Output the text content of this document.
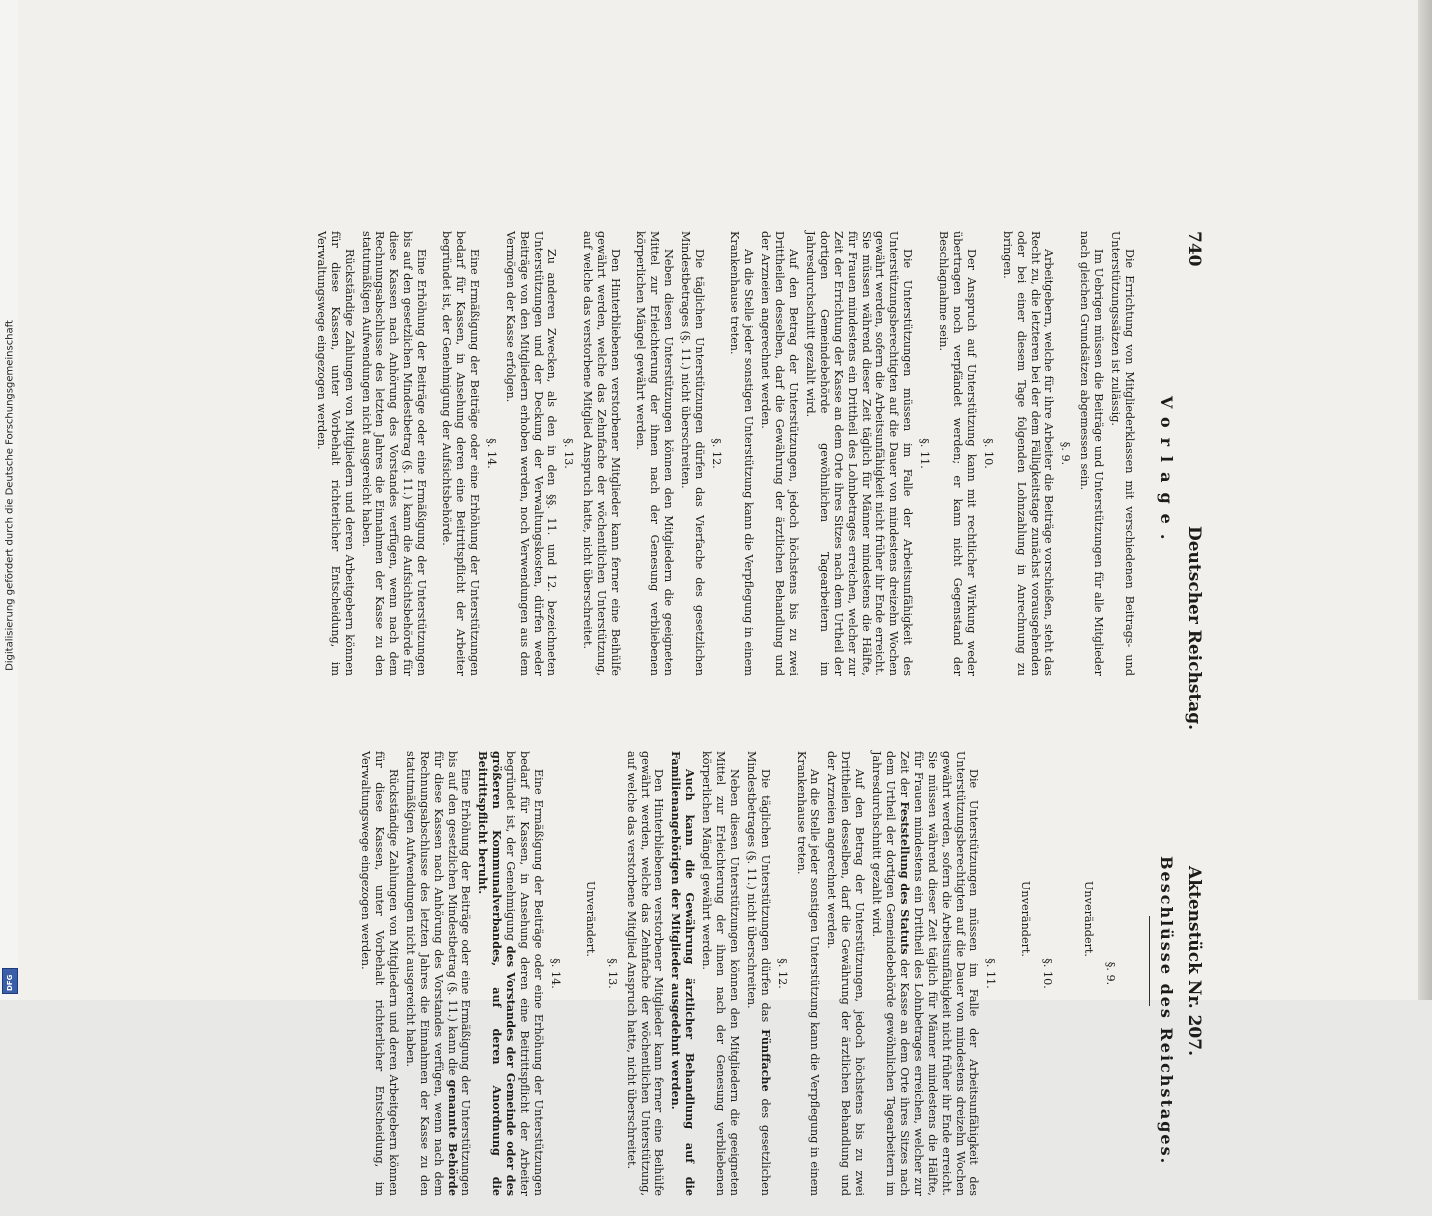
740
Deutscher Reichstag.
Aktenstück Nr. 207.
Vorlage.
Beschlüsse des Reichstages.

Die Errichtung von Mitgliederklassen mit verschiedenen Beitrags- und Unterstützungssätzen ist zulässig.

Im Uebrigen müssen die Beiträge und Unterstützungen für alle Mitglieder nach gleichen Grundsätzen abgemessen sein.

§. 9.

Arbeitgebern, welche für ihre Arbeiter die Beiträge vorschießen, steht das Recht zu, die letzteren bei der dem Fälligkeitstage zunächst vorausgehenden oder bei einer diesem Tage folgenden Lohnzahlung in Anrechnung zu bringen.

§. 10.

Der Anspruch auf Unterstützung kann mit rechtlicher Wirkung weder übertragen noch verpfändet werden; er kann nicht Gegenstand der Beschlagnahme sein.

§. 11.

Die Unterstützungen müssen im Falle der Arbeitsunfähigkeit des Unterstützungsberechtigten auf die Dauer von mindestens dreizehn Wochen gewährt werden, sofern die Arbeitsunfähigkeit nicht früher ihr Ende erreicht. Sie müssen während dieser Zeit täglich für Männer mindestens die Hälfte, für Frauen mindestens ein Drittheil des Lohnbetrages erreichen, welcher zur Zeit der Errichtung der Kasse an dem Orte ihres Sitzes nach dem Urtheil der dortigen Gemeindebehörde gewöhnlichen Tagearbeitern im Jahresdurchschnitt gezahlt wird.

Auf den Betrag der Unterstützungen, jedoch höchstens bis zu zwei Drittheilen desselben, darf die Gewährung der ärztlichen Behandlung und der Arzneien angerechnet werden.

An die Stelle jeder sonstigen Unterstützung kann die Verpflegung in einem Krankenhause treten.

§. 12.

Die täglichen Unterstützungen dürfen das Vierfache des gesetzlichen Mindestbetrages (§. 11.) nicht überschreiten.

Neben diesen Unterstützungen können den Mitgliedern die geeigneten Mittel zur Erleichterung der ihnen nach der Genesung verbliebenen körperlichen Mängel gewährt werden.

Den Hinterbliebenen verstorbener Mitglieder kann ferner eine Beihülfe gewährt werden, welche das Zehnfache der wöchentlichen Unterstützung, auf welche das verstorbene Mitglied Anspruch hatte, nicht überschreitet.

§. 13.

Zu anderen Zwecken, als den in den §§. 11. und 12. bezeichneten Unterstützungen und der Deckung der Verwaltungskosten, dürfen weder Beiträge von den Mitgliedern erhoben werden, noch Verwendungen aus dem Vermögen der Kasse erfolgen.

§. 14.

Eine Ermäßigung der Beiträge oder eine Erhöhung der Unterstützungen bedarf für Kassen, in Ansehung deren eine Beitrittspflicht der Arbeiter begründet ist, der Genehmigung der Aufsichtsbehörde.

Eine Erhöhung der Beiträge oder eine Ermäßigung der Unterstützungen bis auf den gesetzlichen Mindestbetrag (§. 11.) kann die Aufsichtsbehörde für diese Kassen nach Anhörung des Vorstandes verfügen, wenn nach dem Rechnungsabschlusse des letzten Jahres die Einnahmen der Kasse zu den statutmäßigen Aufwendungen nicht ausgereicht haben.

Rückständige Zahlungen von Mitgliedern und deren Arbeitgebern können für diese Kassen, unter Vorbehalt richterlicher Entscheidung, im Verwaltungswege eingezogen werden.

§. 9.
Unverändert.
§. 10.
Unverändert.
§. 11.

Die Unterstützungen müssen im Falle der Arbeitsunfähigkeit des Unterstützungsberechtigten auf die Dauer von mindestens dreizehn Wochen gewährt werden, sofern die Arbeitsunfähigkeit nicht früher ihr Ende erreicht. Sie müssen während dieser Zeit täglich für Männer mindestens die Hälfte, für Frauen mindestens ein Drittheil des Lohnbetrages erreichen, welcher zur Zeit der Feststellung des Statuts der Kasse an dem Orte ihres Sitzes nach dem Urtheil der dortigen Gemeindebehörde gewöhnlichen Tagearbeitern im Jahresdurchschnitt gezahlt wird.

Auf den Betrag der Unterstützungen, jedoch höchstens bis zu zwei Drittheilen desselben, darf die Gewährung der ärztlichen Behandlung und der Arzneien angerechnet werden.

An die Stelle jeder sonstigen Unterstützung kann die Verpflegung in einem Krankenhause treten.

§. 12.

Die täglichen Unterstützungen dürfen das Fünffache des gesetzlichen Mindestbetrages (§. 11.) nicht überschreiten.

Neben diesen Unterstützungen können den Mitgliedern die geeigneten Mittel zur Erleichterung der ihnen nach der Genesung verbliebenen körperlichen Mängel gewährt werden.

Auch kann die Gewährung ärztlicher Behandlung auf die Familienangehörigen der Mitglieder ausgedehnt werden.

Den Hinterbliebenen verstorbener Mitglieder kann ferner eine Beihülfe gewährt werden, welche das Zehnfache der wöchentlichen Unterstützung, auf welche das verstorbene Mitglied Anspruch hatte, nicht überschreitet.

§. 13.
Unverändert.
§. 14.

Eine Ermäßigung der Beiträge oder eine Erhöhung der Unterstützungen bedarf für Kassen, in Ansehung deren eine Beitrittspflicht der Arbeiter begründet ist, der Genehmigung des Vorstandes der Gemeinde oder des größeren Kommunalverbandes, auf deren Anordnung die Beitrittspflicht beruht.

Eine Erhöhung der Beiträge oder eine Ermäßigung der Unterstützungen bis auf den gesetzlichen Mindestbetrag (§. 11.) kann die genannte Behörde für diese Kassen nach Anhörung des Vorstandes verfügen, wenn nach dem Rechnungsabschlusse des letzten Jahres die Einnahmen der Kasse zu den statutmäßigen Aufwendungen nicht ausgereicht haben.

Rückständige Zahlungen von Mitgliedern und deren Arbeitgebern können für diese Kassen, unter Vorbehalt richterlicher Entscheidung, im Verwaltungswege eingezogen werden.

Digitalisierung gefördert durch die Deutsche Forschungsgemeinschaft
DFG
